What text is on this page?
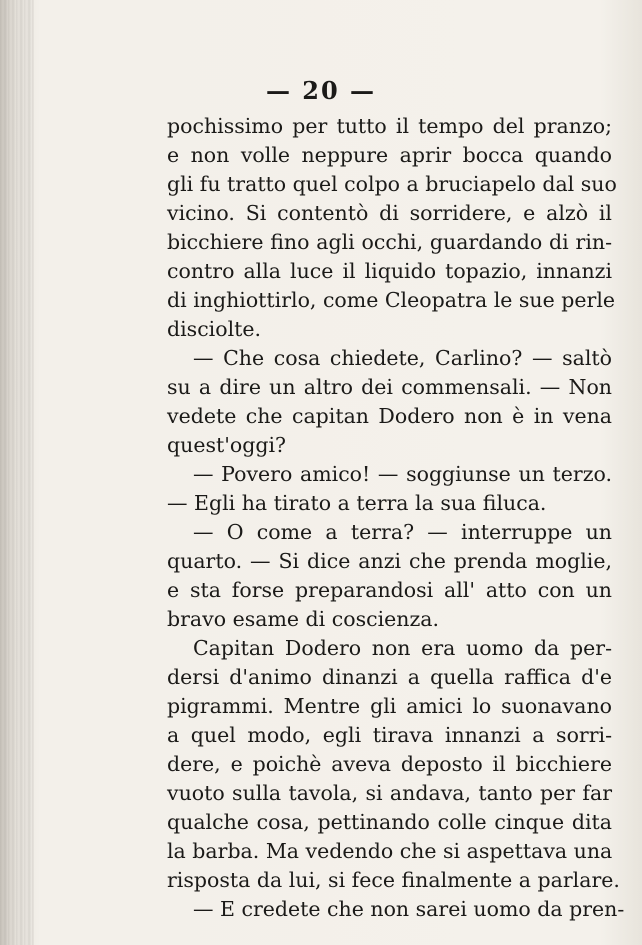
— 20 —
pochissimo per tutto il tempo del pranzo;
e non volle neppure aprir bocca quando
gli fu tratto quel colpo a bruciapelo dal suo
vicino. Si contentò di sorridere, e alzò il
bicchiere fino agli occhi, guardando di rin-
contro alla luce il liquido topazio, innanzi
di inghiottirlo, come Cleopatra le sue perle
disciolte.
— Che cosa chiedete, Carlino? — saltò
su a dire un altro dei commensali. — Non
vedete che capitan Dodero non è in vena
quest'oggi?
— Povero amico! — soggiunse un terzo.
— Egli ha tirato a terra la sua filuca.
— O come a terra? — interruppe un
quarto. — Si dice anzi che prenda moglie,
e sta forse preparandosi all' atto con un
bravo esame di coscienza.
Capitan Dodero non era uomo da per-
dersi d'animo dinanzi a quella raffica d'e
pigrammi. Mentre gli amici lo suonavano
a quel modo, egli tirava innanzi a sorri-
dere, e poichè aveva deposto il bicchiere
vuoto sulla tavola, si andava, tanto per far
qualche cosa, pettinando colle cinque dita
la barba. Ma vedendo che si aspettava una
risposta da lui, si fece finalmente a parlare.
— E credete che non sarei uomo da pren-
